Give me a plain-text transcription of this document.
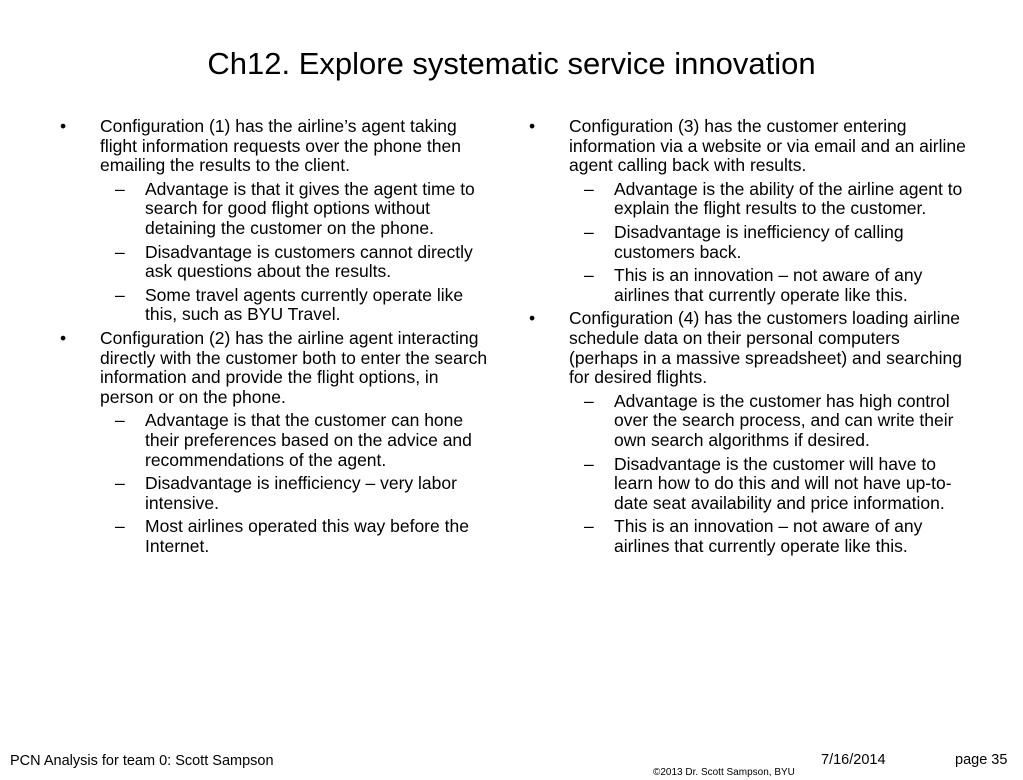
Ch12. Explore systematic service innovation
•	Configuration (1) has the airline’s agent taking flight information requests over the phone then emailing the results to the client.
– Advantage is that it gives the agent time to search for good flight options without detaining the customer on the phone.
– Disadvantage is customers cannot directly ask questions about the results.
– Some travel agents currently operate like this, such as BYU Travel.
•	Configuration (2) has the airline agent interacting directly with the customer both to enter the search information and provide the flight options, in person or on the phone.
– Advantage is that the customer can hone their preferences based on the advice and recommendations of the agent.
– Disadvantage is inefficiency – very labor intensive.
– Most airlines operated this way before the Internet.
•	Configuration (3) has the customer entering information via a website or via email and an airline agent calling back with results.
– Advantage is the ability of the airline agent to explain the flight results to the customer.
– Disadvantage is inefficiency of calling customers back.
– This is an innovation – not aware of any airlines that currently operate like this.
•	Configuration (4) has the customers loading airline schedule data on their personal computers (perhaps in a massive spreadsheet) and searching for desired flights.
– Advantage is the customer has high control over the search process, and can write their own search algorithms if desired.
– Disadvantage is the customer will have to learn how to do this and will not have up-to-date seat availability and price information.
– This is an innovation – not aware of any airlines that currently operate like this.
PCN Analysis for team 0: Scott Sampson
©2013 Dr. Scott Sampson, BYU
7/16/2014	page 35
